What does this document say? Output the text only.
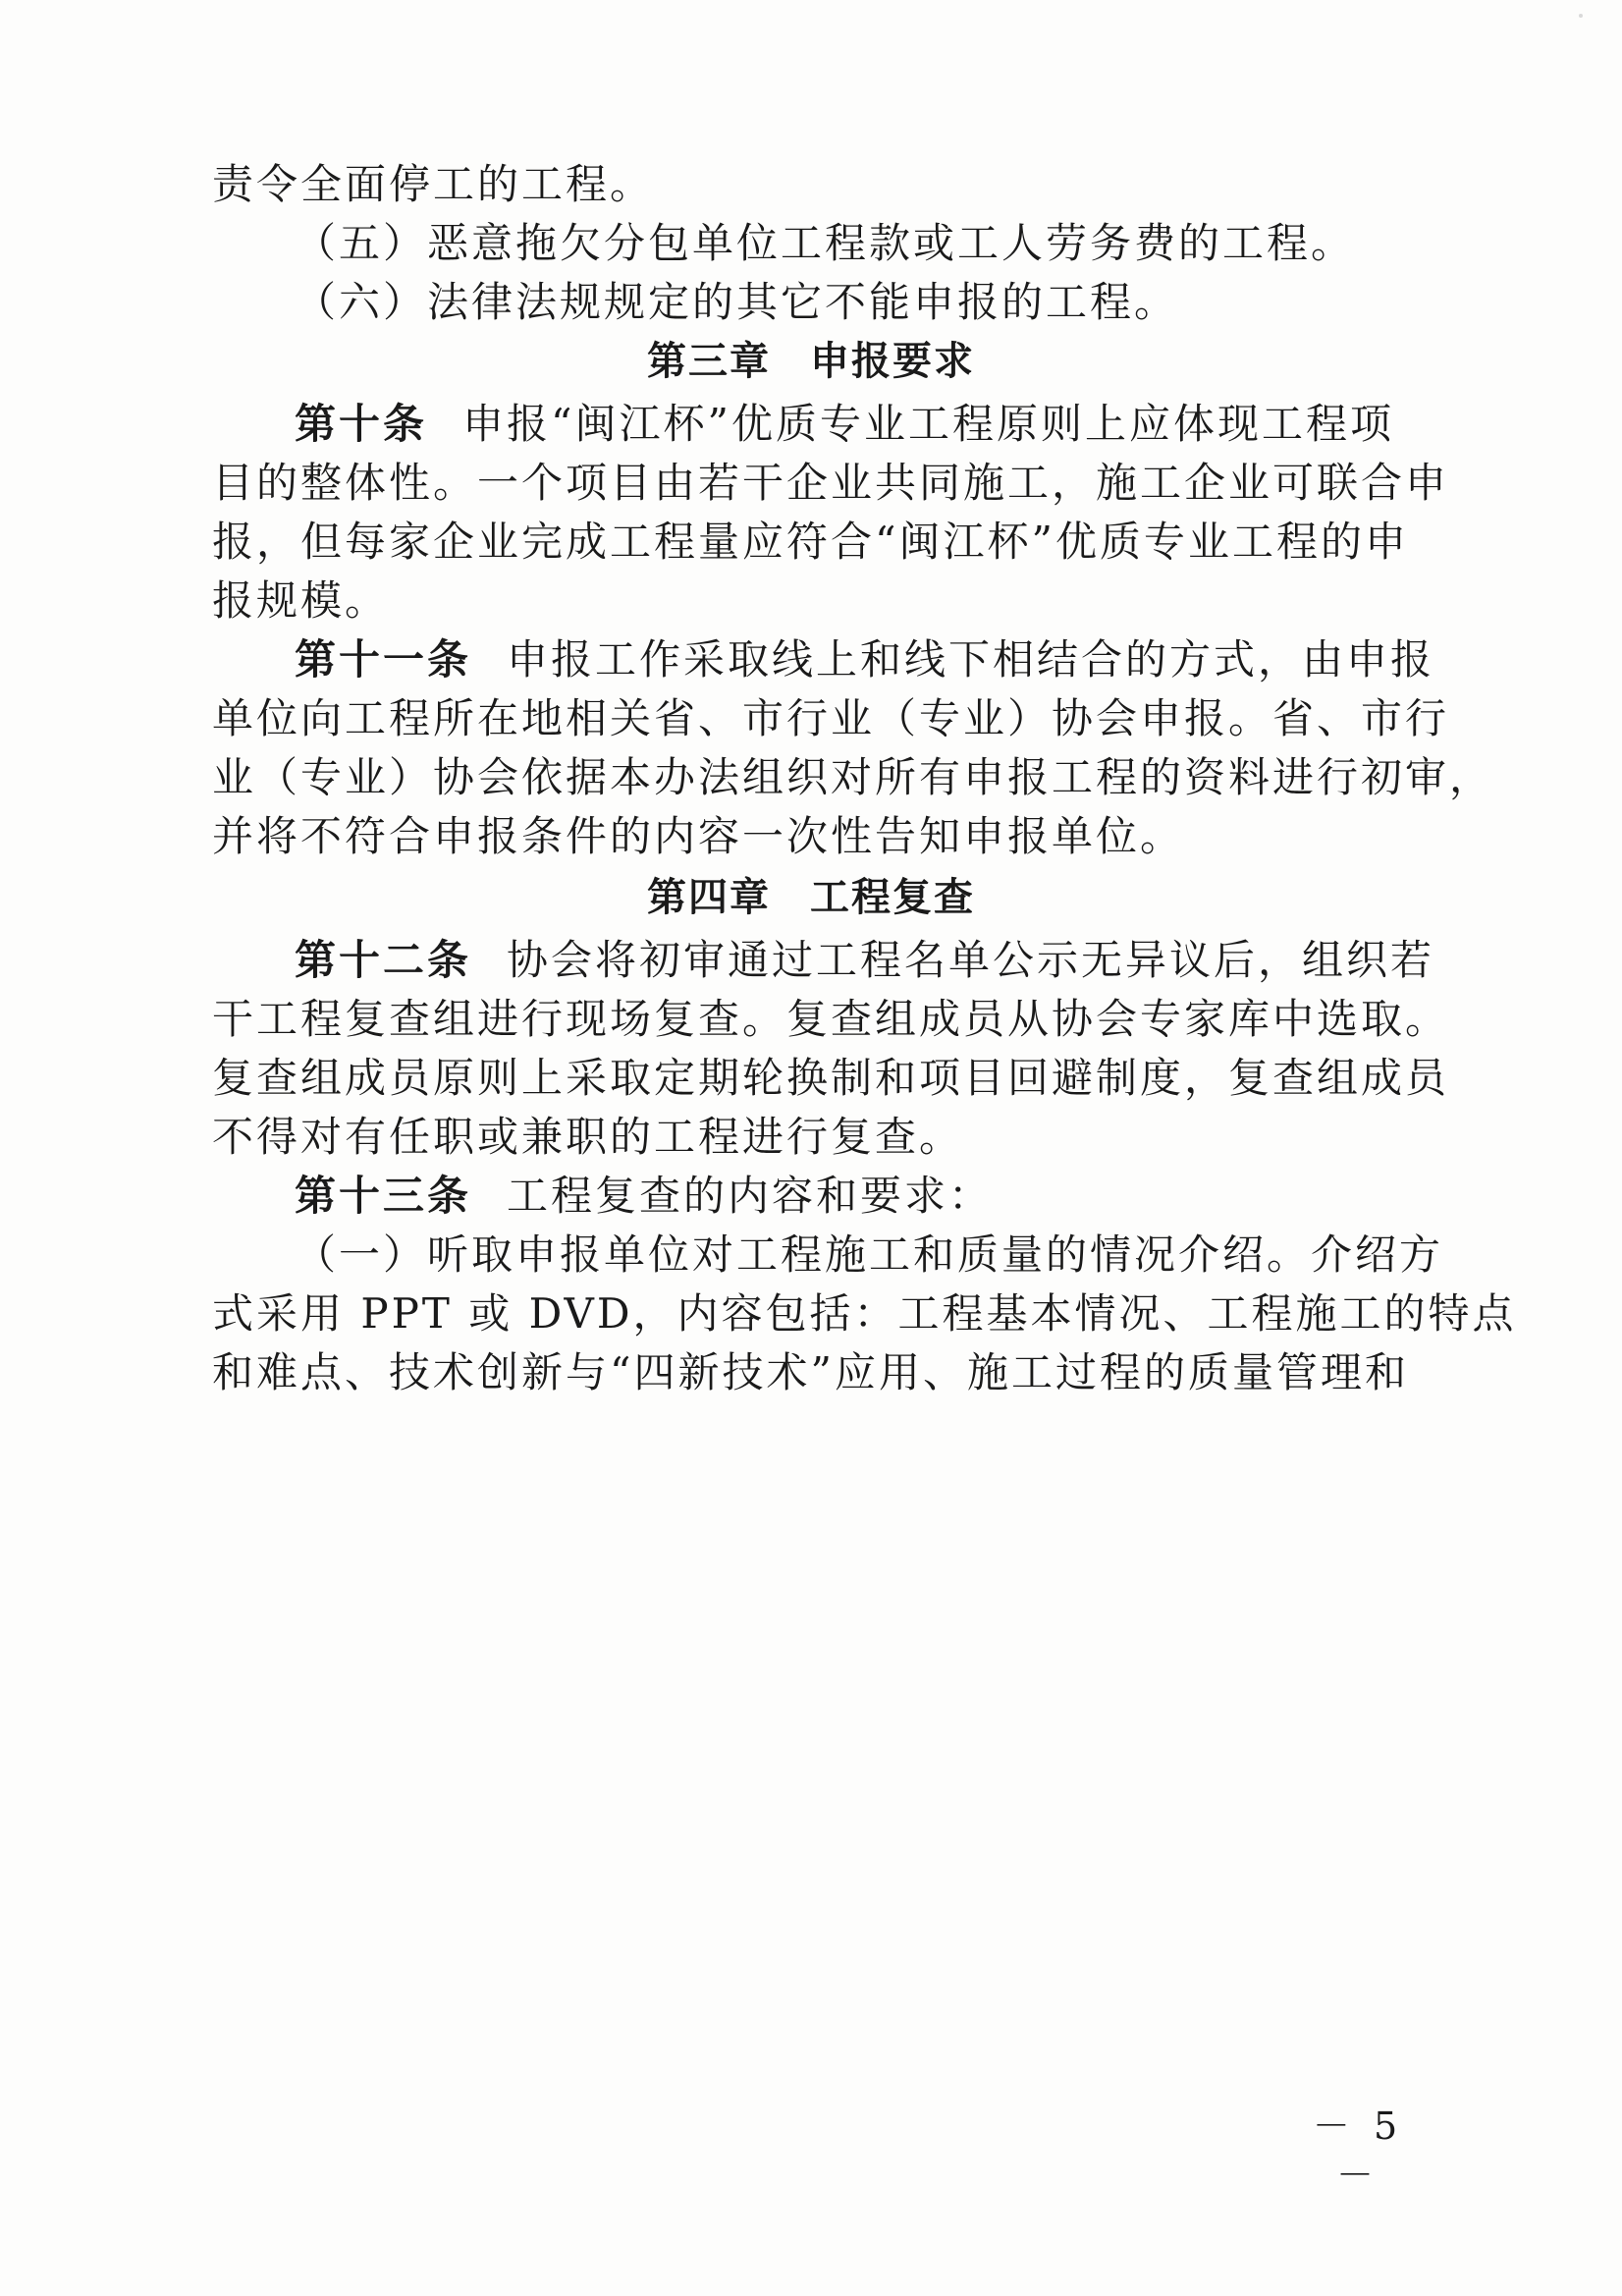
责令全面停工的工程。
（五）恶意拖欠分包单位工程款或工人劳务费的工程。
（六）法律法规规定的其它不能申报的工程。
第三章 申报要求
第十条 申报“闽江杯”优质专业工程原则上应体现工程项
目的整体性。一个项目由若干企业共同施工，施工企业可联合申
报，但每家企业完成工程量应符合“闽江杯”优质专业工程的申
报规模。
第十一条 申报工作采取线上和线下相结合的方式，由申报
单位向工程所在地相关省、市行业（专业）协会申报。省、市行
业（专业）协会依据本办法组织对所有申报工程的资料进行初审，
并将不符合申报条件的内容一次性告知申报单位。
第四章 工程复查
第十二条 协会将初审通过工程名单公示无异议后，组织若
干工程复查组进行现场复查。复查组成员从协会专家库中选取。
复查组成员原则上采取定期轮换制和项目回避制度，复查组成员
不得对有任职或兼职的工程进行复查。
第十三条 工程复查的内容和要求：
（一）听取申报单位对工程施工和质量的情况介绍。介绍方
式采用 PPT 或 DVD，内容包括：工程基本情况、工程施工的特点
和难点、技术创新与“四新技术”应用、施工过程的质量管理和
－ 5 －
